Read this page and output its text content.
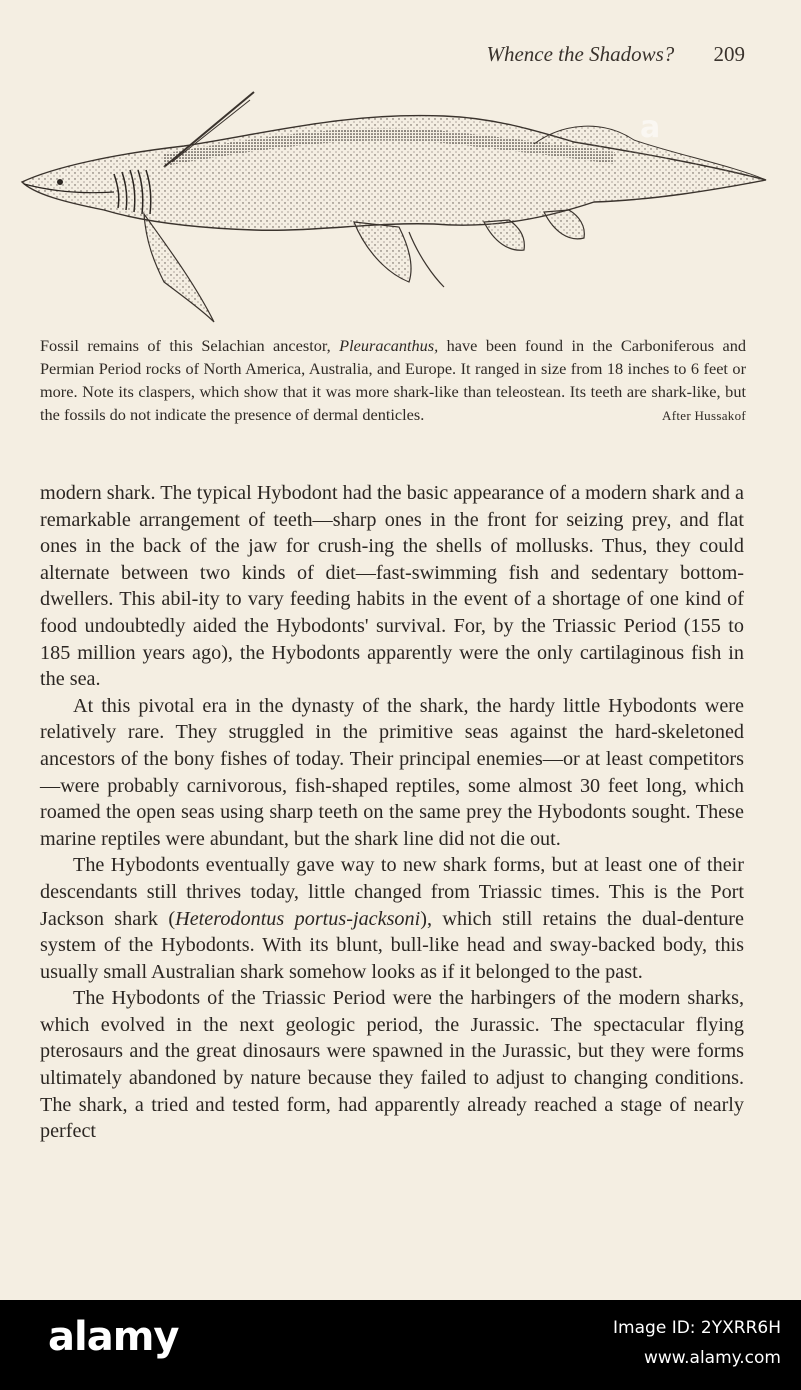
Whence the Shadows? 209
Fossil remains of this Selachian ancestor, Pleuracanthus, have been found in the Carboniferous and Permian Period rocks of North America, Australia, and Europe. It ranged in size from 18 inches to 6 feet or more. Note its claspers, which show that it was more shark-like than teleostean. Its teeth are shark-like, but the fossils do not indicate the presence of dermal denticles.	After Hussakof

modern shark. The typical Hybodont had the basic appearance of a modern shark and a remarkable arrangement of teeth—sharp ones in the front for seizing prey, and flat ones in the back of the jaw for crush-ing the shells of mollusks. Thus, they could alternate between two kinds of diet—fast-swimming fish and sedentary bottom-dwellers. This abil-ity to vary feeding habits in the event of a shortage of one kind of food undoubtedly aided the Hybodonts' survival. For, by the Triassic Period (155 to 185 million years ago), the Hybodonts apparently were the only cartilaginous fish in the sea.

At this pivotal era in the dynasty of the shark, the hardy little Hybodonts were relatively rare. They struggled in the primitive seas against the hard-skeletoned ancestors of the bony fishes of today. Their principal enemies—or at least competitors—were probably carnivorous, fish-shaped reptiles, some almost 30 feet long, which roamed the open seas using sharp teeth on the same prey the Hybodonts sought. These marine reptiles were abundant, but the shark line did not die out.

The Hybodonts eventually gave way to new shark forms, but at least one of their descendants still thrives today, little changed from Triassic times. This is the Port Jackson shark (Heterodontus portus-jacksoni), which still retains the dual-denture system of the Hybodonts. With its blunt, bull-like head and sway-backed body, this usually small Australian shark somehow looks as if it belonged to the past.

The Hybodonts of the Triassic Period were the harbingers of the modern sharks, which evolved in the next geologic period, the Jurassic. The spectacular flying pterosaurs and the great dinosaurs were spawned in the Jurassic, but they were forms ultimately abandoned by nature because they failed to adjust to changing conditions. The shark, a tried and tested form, had apparently already reached a stage of nearly perfect

a
alamy	Image ID: 2YXRR6H
www.alamy.com
